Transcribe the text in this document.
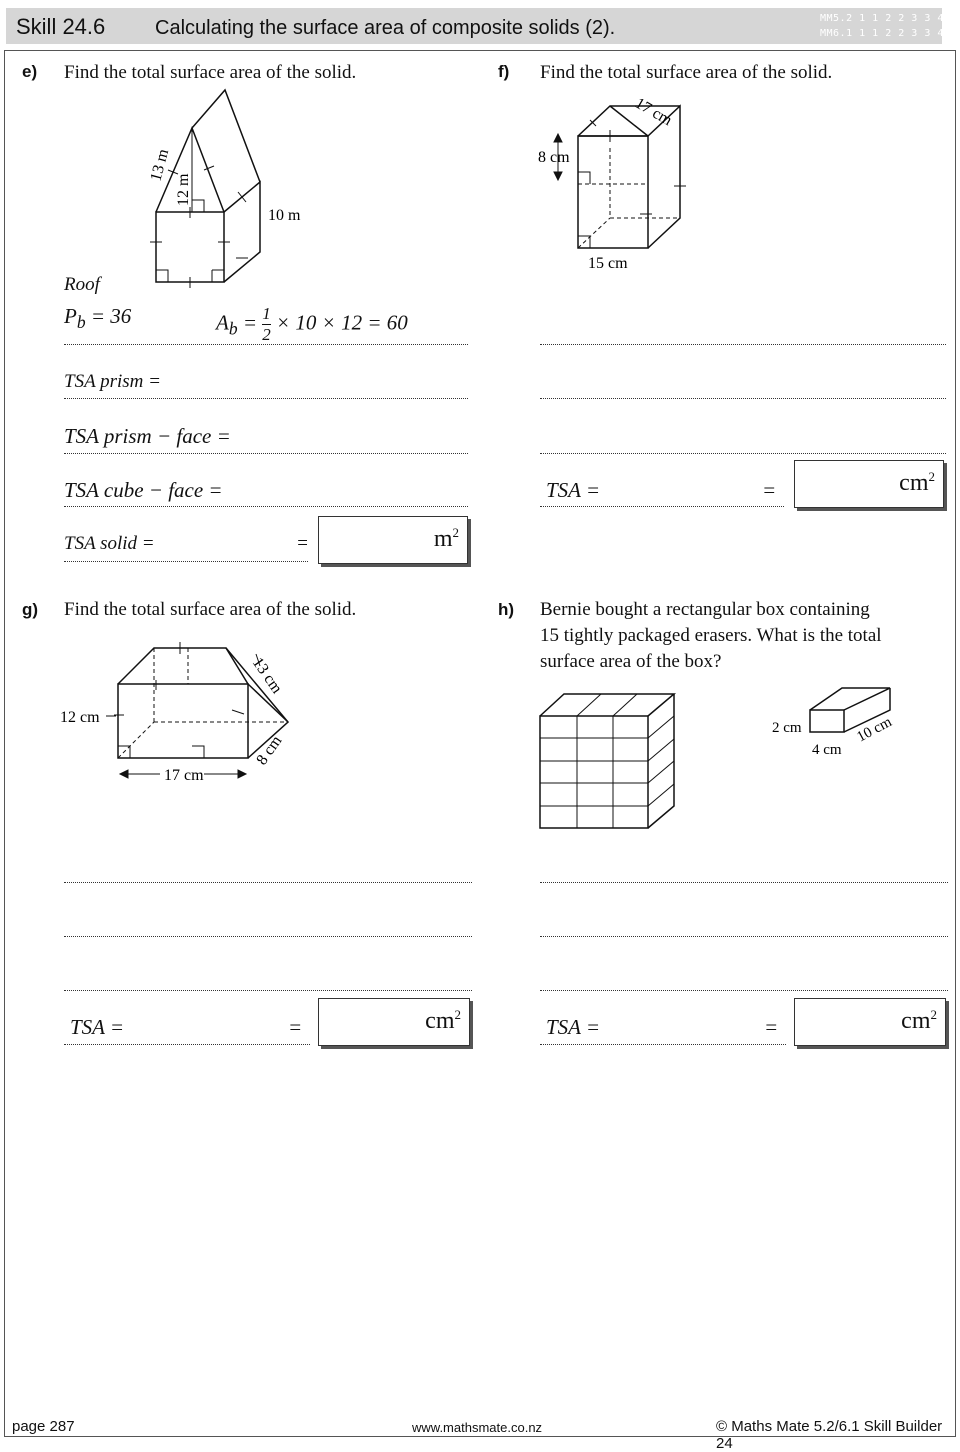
Skill 24.6 Calculating the surface area of composite solids (2).	MM5.2 1 1 2 2 3 3 4 4
MM6.1 1 1 2 2 3 3 4 4
e) Find the total surface area of the solid.
13 m
12 m
10 m
Roof
$P_b = 36$	$A_b = 1$

2
× 10 × 12 = 60
TSA prism =
TSA prism − face =
TSA cube − face =
TSA solid =	=	$m^2$
f) Find the total surface area of the solid.
8 cm
17 cm
15 cm
TSA =	=	$cm^2$
g) Find the total surface area of the solid.
12 cm
17 cm
13 cm
8 cm
TSA =	=	$cm^2$
h) Bernie bought a rectangular box containing
15 tightly packaged erasers. What is the total
surface area of the box?
2 cm
4 cm
10 cm
TSA =	=	$cm^2$
page 287	www.mathsmate.co.nz	© Maths Mate 5.2/6.1 Skill Builder 24
